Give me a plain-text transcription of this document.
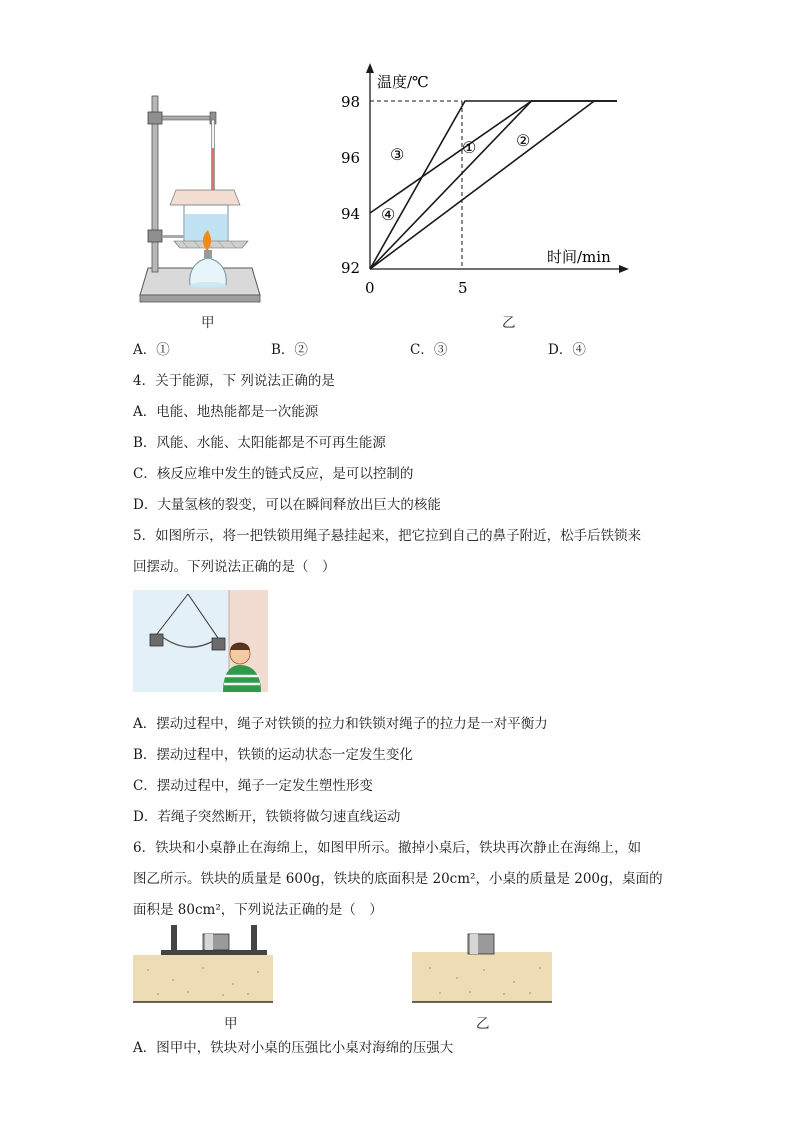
甲
温度/℃
时间/min
98
96
94
92
0	5
③	① ②
④
乙
A．①	B．②	C．③	D．④
4．关于能源，下 列说法正确的是
A．电能、地热能都是一次能源
B．风能、水能、太阳能都是不可再生能源
C．核反应堆中发生的链式反应，是可以控制的
D．大量氢核的裂变，可以在瞬间释放出巨大的核能
5．如图所示，将一把铁锁用绳子悬挂起来，把它拉到自己的鼻子附近，松手后铁锁来
回摆动。下列说法正确的是（　）
A．摆动过程中，绳子对铁锁的拉力和铁锁对绳子的拉力是一对平衡力
B．摆动过程中，铁锁的运动状态一定发生变化
C．摆动过程中，绳子一定发生塑性形变
D．若绳子突然断开，铁锁将做匀速直线运动
6．铁块和小桌静止在海绵上，如图甲所示。撤掉小桌后，铁块再次静止在海绵上，如
图乙所示。铁块的质量是 600g，铁块的底面积是 20cm²，小桌的质量是 200g，桌面的
面积是 80cm²，下列说法正确的是（　）
甲	乙
A．图甲中，铁块对小桌的压强比小桌对海绵的压强大
